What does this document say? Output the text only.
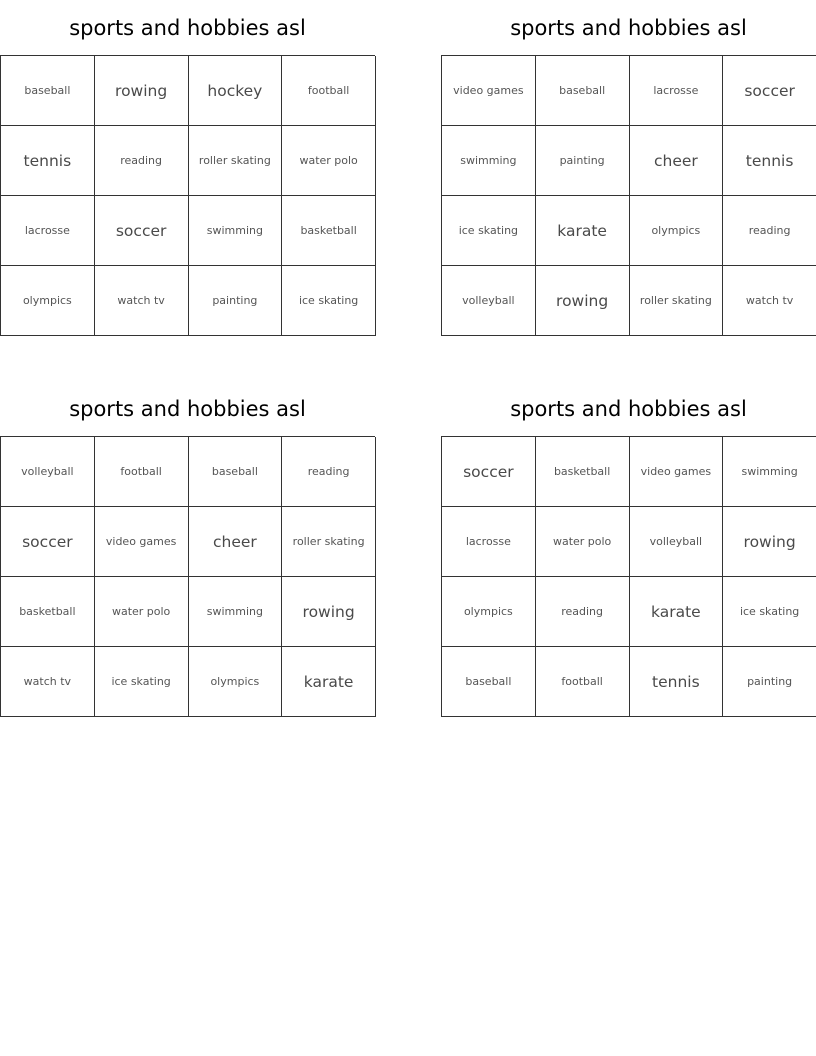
sports and hobbies asl
baseball	rowing	hockey	football
tennis	reading	roller skating	water polo
lacrosse	soccer	swimming	basketball
olympics	watch tv	painting	ice skating
sports and hobbies asl
video games	baseball	lacrosse	soccer
swimming	painting	cheer	tennis
ice skating	karate	olympics	reading
volleyball	rowing	roller skating	watch tv
sports and hobbies asl
volleyball	football	baseball	reading
soccer	video games	cheer	roller skating
basketball	water polo	swimming	rowing
watch tv	ice skating	olympics	karate
sports and hobbies asl
soccer	basketball	video games	swimming
lacrosse	water polo	volleyball	rowing
olympics	reading	karate	ice skating
baseball	football	tennis	painting
